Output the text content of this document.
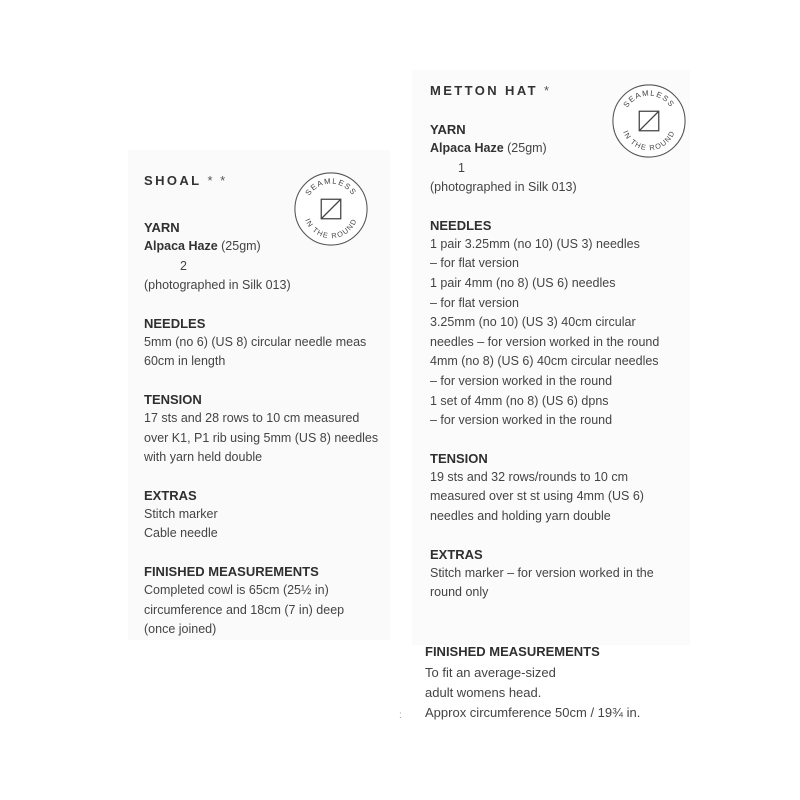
SHOAL * *

YARN

Alpaca Haze (25gm)

2

(photographed in Silk 013)

NEEDLES

5mm (no 6) (US 8) circular needle meas

60cm in length

TENSION

17 sts and 28 rows to 10 cm measured

over K1, P1 rib using 5mm (US 8) needles

with yarn held double

EXTRAS

Stitch marker

Cable needle

FINISHED MEASUREMENTS

Completed cowl is 65cm (25½ in)

circumference and 18cm (7 in) deep

(once joined)

SEAMLESS
IN THE ROUND
METTON HAT *

YARN

Alpaca Haze (25gm)

1

(photographed in Silk 013)

NEEDLES

1 pair 3.25mm (no 10) (US 3) needles

– for flat version

1 pair 4mm (no 8) (US 6) needles

– for flat version

3.25mm (no 10) (US 3) 40cm circular

needles – for version worked in the round

4mm (no 8) (US 6) 40cm circular needles

– for version worked in the round

1 set of 4mm (no 8) (US 6) dpns

– for version worked in the round

TENSION

19 sts and 32 rows/rounds to 10 cm

measured over st st using 4mm (US 6)

needles and holding yarn double

EXTRAS

Stitch marker – for version worked in the

round only

FINISHED MEASUREMENTS

To fit an average-sized

adult womens head.

Approx circumference 50cm / 19¾ in.

:
SEAMLESS
IN THE ROUND
